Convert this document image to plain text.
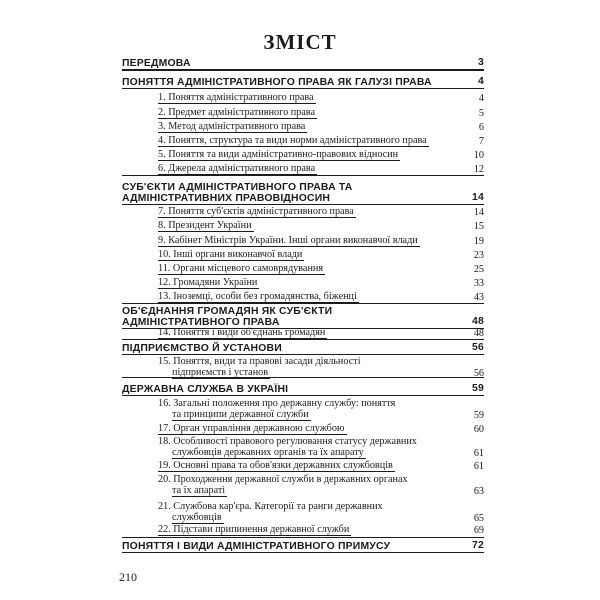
ЗМІСТ
ПЕРЕДМОВА	3
ПОНЯТТЯ АДМІНІСТРАТИВНОГО ПРАВА ЯК ГАЛУЗІ ПРАВА	4
1. Поняття адміністративного права	4
2. Предмет адміністративного права	5
3. Метод адміністративного права	6
4. Поняття, структура та види норми адміністративного права	7
5. Поняття та види адміністративно-правових відносин	10
6. Джерела адміністративного права	12
СУБ'ЄКТИ АДМІНІСТРАТИВНОГО ПРАВА ТА
АДМІНІСТРАТИВНИХ ПРАВОВІДНОСИН	14
7. Поняття суб'єктів адміністративного права	14
8. Президент України	15
9. Кабінет Міністрів України. Інші органи виконавчої влади	19
10. Інші органи виконавчої влади	23
11. Органи місцевого самоврядування	25
12. Громадяни України	33
13. Іноземці, особи без громадянства, біженці	43
ОБ'ЄДНАННЯ ГРОМАДЯН ЯК СУБ'ЄКТИ
АДМІНІСТРАТИВНОГО ПРАВА	48
14. Поняття і види об'єднань громадян	48
ПІДПРИЄМСТВО Й УСТАНОВИ	56
15. Поняття, види та правові засади діяльності
підприємств і установ	56
ДЕРЖАВНА СЛУЖБА В УКРАЇНІ	59
16. Загальні положення про державну службу: поняття
та принципи державної служби	59
17. Орган управління державною службою	60
18. Особливості правового регулювання статусу державних
службовців державних органів та їх апарату	61
19. Основні права та обов'язки державних службовців	61
20. Проходження державної служби в державних органах
та їх апараті	63
21. Службова кар'єра. Категорії та ранги державних
службовців	65
22. Підстави припинення державної служби	69
ПОНЯТТЯ І ВИДИ АДМІНІСТРАТИВНОГО ПРИМУСУ	72
210
